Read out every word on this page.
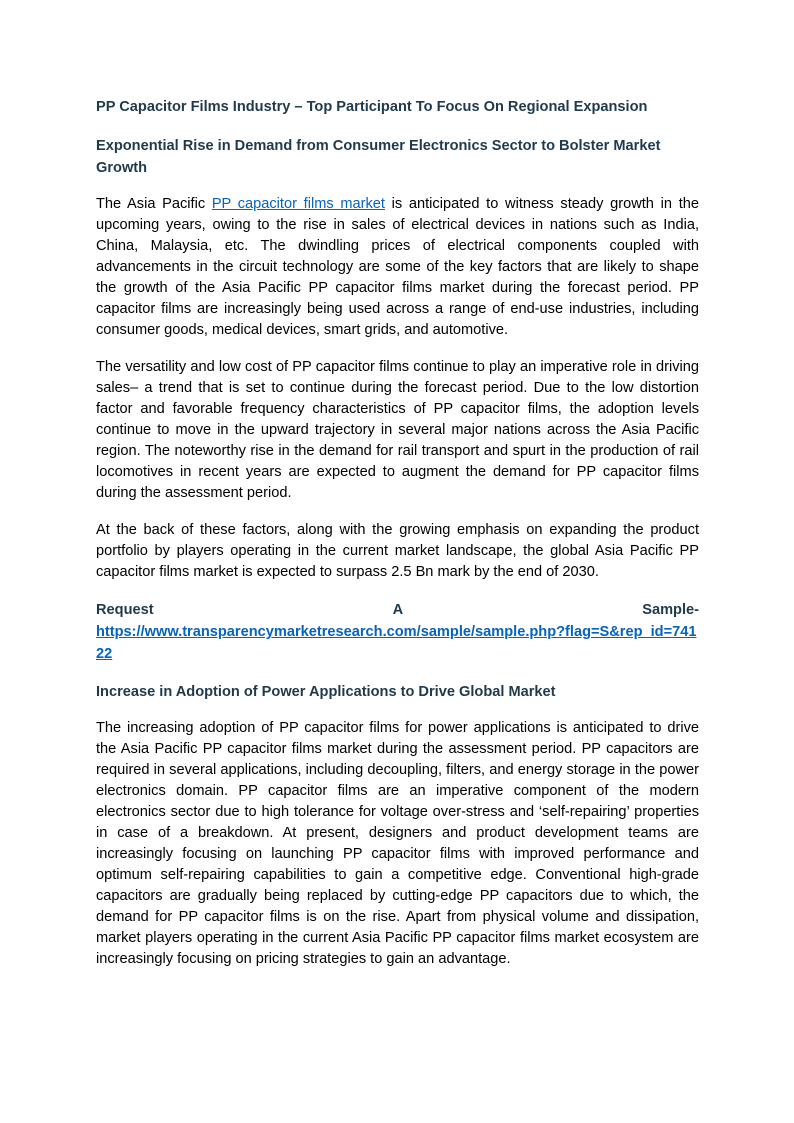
PP Capacitor Films Industry – Top Participant To Focus On Regional Expansion
Exponential Rise in Demand from Consumer Electronics Sector to Bolster Market Growth

The Asia Pacific PP capacitor films market is anticipated to witness steady growth in the upcoming years, owing to the rise in sales of electrical devices in nations such as India, China, Malaysia, etc. The dwindling prices of electrical components coupled with advancements in the circuit technology are some of the key factors that are likely to shape the growth of the Asia Pacific PP capacitor films market during the forecast period. PP capacitor films are increasingly being used across a range of end-use industries, including consumer goods, medical devices, smart grids, and automotive.

The versatility and low cost of PP capacitor films continue to play an imperative role in driving sales– a trend that is set to continue during the forecast period. Due to the low distortion factor and favorable frequency characteristics of PP capacitor films, the adoption levels continue to move in the upward trajectory in several major nations across the Asia Pacific region. The noteworthy rise in the demand for rail transport and spurt in the production of rail locomotives in recent years are expected to augment the demand for PP capacitor films during the assessment period.

At the back of these factors, along with the growing emphasis on expanding the product portfolio by players operating in the current market landscape, the global Asia Pacific PP capacitor films market is expected to surpass 2.5 Bn mark by the end of 2030.

Request	A	Sample-
https://www.transparencymarketresearch.com/sample/sample.php?flag=S&rep_id=74122
Increase in Adoption of Power Applications to Drive Global Market

The increasing adoption of PP capacitor films for power applications is anticipated to drive the Asia Pacific PP capacitor films market during the assessment period. PP capacitors are required in several applications, including decoupling, filters, and energy storage in the power electronics domain. PP capacitor films are an imperative component of the modern electronics sector due to high tolerance for voltage over-stress and ‘self-repairing’ properties in case of a breakdown. At present, designers and product development teams are increasingly focusing on launching PP capacitor films with improved performance and optimum self-repairing capabilities to gain a competitive edge. Conventional high-grade capacitors are gradually being replaced by cutting-edge PP capacitors due to which, the demand for PP capacitor films is on the rise. Apart from physical volume and dissipation, market players operating in the current Asia Pacific PP capacitor films market ecosystem are increasingly focusing on pricing strategies to gain an advantage.
